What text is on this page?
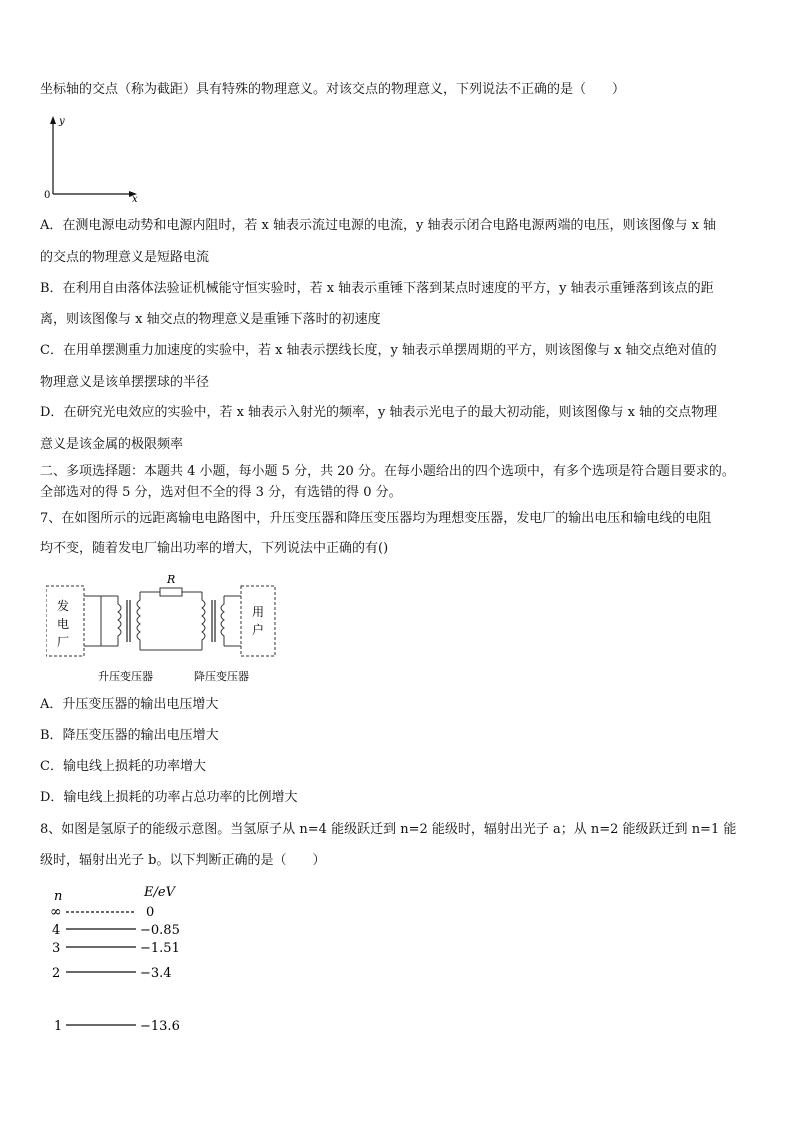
坐标轴的交点（称为截距）具有特殊的物理意义。对该交点的物理意义，下列说法不正确的是（　　）
y
x
0
A．在测电源电动势和电源内阻时，若 x 轴表示流过电源的电流，y 轴表示闭合电路电源两端的电压，则该图像与 x 轴
的交点的物理意义是短路电流
B．在利用自由落体法验证机械能守恒实验时，若 x 轴表示重锤下落到某点时速度的平方，y 轴表示重锤落到该点的距
离，则该图像与 x 轴交点的物理意义是重锤下落时的初速度
C．在用单摆测重力加速度的实验中，若 x 轴表示摆线长度，y 轴表示单摆周期的平方，则该图像与 x 轴交点绝对值的
物理意义是该单摆摆球的半径
D．在研究光电效应的实验中，若 x 轴表示入射光的频率，y 轴表示光电子的最大初动能，则该图像与 x 轴的交点物理
意义是该金属的极限频率
二、多项选择题：本题共 4 小题，每小题 5 分，共 20 分。在每小题给出的四个选项中，有多个选项是符合题目要求的。
全部选对的得 5 分，选对但不全的得 3 分，有选错的得 0 分。
7、在如图所示的远距离输电电路图中，升压变压器和降压变压器均为理想变压器，发电厂的输出电压和输电线的电阻
均不变，随着发电厂输出功率的增大，下列说法中正确的有()
发
电
厂
R
用
户
升压变压器	降压变压器
A．升压变压器的输出电压增大
B．降压变压器的输出电压增大
C．输电线上损耗的功率增大
D．输电线上损耗的功率占总功率的比例增大
8、如图是氢原子的能级示意图。当氢原子从 n=4 能级跃迁到 n=2 能级时，辐射出光子 a；从 n=2 能级跃迁到 n=1 能
级时，辐射出光子 b。以下判断正确的是（　　）
n	E/eV
∞	0
4	−0.85
3	−1.51
2	−3.4
1	−13.6
